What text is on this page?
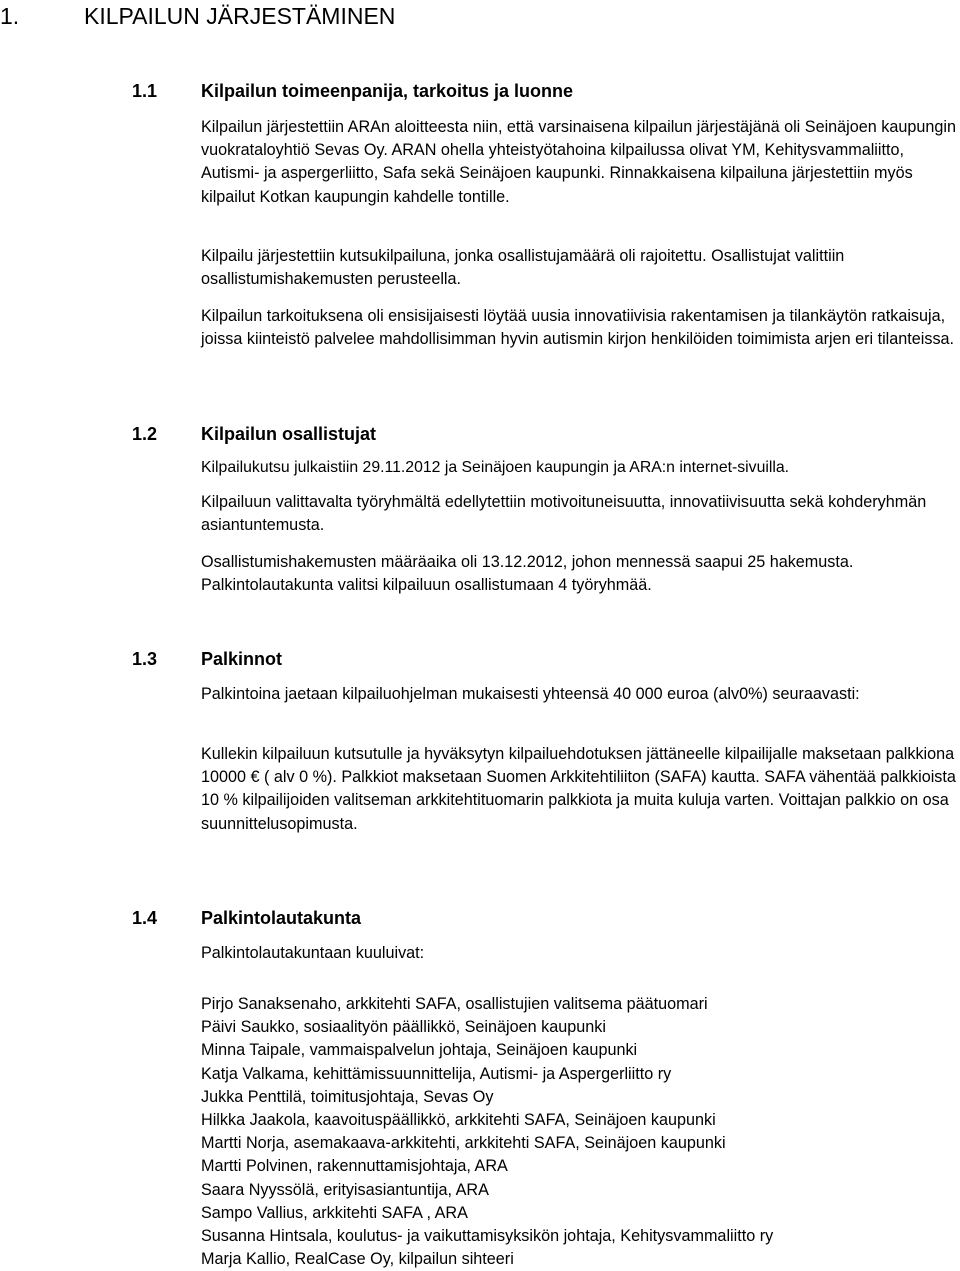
1.	KILPAILUN JÄRJESTÄMINEN
1.1 Kilpailun toimeenpanija, tarkoitus ja luonne

Kilpailun järjestettiin ARAn aloitteesta niin, että varsinaisena kilpailun järjestäjänä oli Seinäjoen kaupungin vuokrataloyhtiö Sevas Oy. ARAN ohella yhteistyötahoina kilpailussa olivat YM, Kehitysvammaliitto, Autismi- ja aspergerliitto, Safa sekä Seinäjoen kaupunki. Rinnakkaisena kilpailuna järjestettiin myös kilpailut Kotkan kaupungin kahdelle tontille.

Kilpailu järjestettiin kutsukilpailuna, jonka osallistujamäärä oli rajoitettu. Osallistujat valittiin osallistumishakemusten perusteella.

Kilpailun tarkoituksena oli ensisijaisesti löytää uusia innovatiivisia rakentamisen ja tilankäytön ratkaisuja, joissa kiinteistö palvelee mahdollisimman hyvin autismin kirjon henkilöiden toimimista arjen eri tilanteissa.

1.2 Kilpailun osallistujat

Kilpailukutsu julkaistiin 29.11.2012 ja Seinäjoen kaupungin ja ARA:n internet-sivuilla.

Kilpailuun valittavalta työryhmältä edellytettiin motivoituneisuutta, innovatiivisuutta sekä kohderyhmän asiantuntemusta.

Osallistumishakemusten määräaika oli 13.12.2012, johon mennessä saapui 25 hakemusta. Palkintolautakunta valitsi kilpailuun osallistumaan 4 työryhmää.

1.3 Palkinnot

Palkintoina jaetaan kilpailuohjelman mukaisesti yhteensä 40 000 euroa (alv0%) seuraavasti:

Kullekin kilpailuun kutsutulle ja hyväksytyn kilpailuehdotuksen jättäneelle kilpailijalle maksetaan palkkiona 10000 € ( alv 0 %). Palkkiot maksetaan Suomen Arkkitehtiliiton (SAFA) kautta. SAFA vähentää palkkioista 10 % kilpailijoiden valitseman arkkitehtituomarin palkkiota ja muita kuluja varten. Voittajan palkkio on osa suunnittelusopimusta.

1.4 Palkintolautakunta

Palkintolautakuntaan kuuluivat:

Pirjo Sanaksenaho, arkkitehti SAFA, osallistujien valitsema päätuomari
Päivi Saukko, sosiaalityön päällikkö, Seinäjoen kaupunki
Minna Taipale, vammaispalvelun johtaja, Seinäjoen kaupunki
Katja Valkama, kehittämissuunnittelija, Autismi- ja Aspergerliitto ry
Jukka Penttilä, toimitusjohtaja, Sevas Oy
Hilkka Jaakola, kaavoituspäällikkö, arkkitehti SAFA, Seinäjoen kaupunki
Martti Norja, asemakaava-arkkitehti, arkkitehti SAFA, Seinäjoen kaupunki
Martti Polvinen, rakennuttamisjohtaja, ARA
Saara Nyyssölä, erityisasiantuntija, ARA
Sampo Vallius, arkkitehti SAFA , ARA
Susanna Hintsala, koulutus- ja vaikuttamisyksikön johtaja, Kehitysvammaliitto ry
Marja Kallio, RealCase Oy, kilpailun sihteeri
